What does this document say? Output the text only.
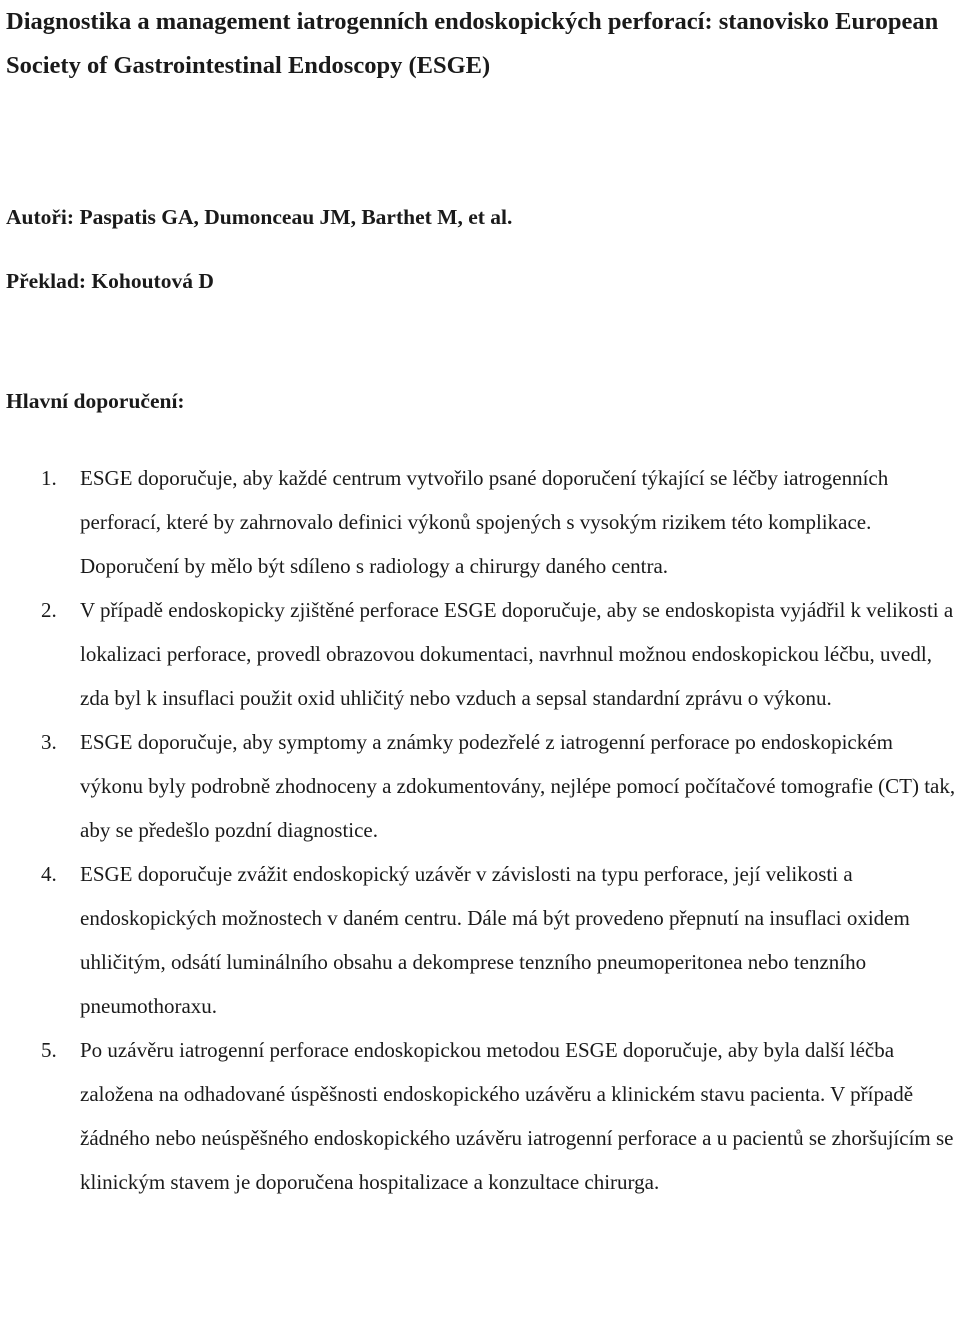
Diagnostika a management iatrogenních endoskopických perforací: stanovisko European Society of Gastrointestinal Endoscopy (ESGE)

Autoři: Paspatis GA, Dumonceau JM, Barthet M, et al.

Překlad: Kohoutová D

Hlavní doporučení:

1. ESGE doporučuje, aby každé centrum vytvořilo psané doporučení týkající se léčby iatrogenních perforací, které by zahrnovalo definici výkonů spojených s vysokým rizikem této komplikace. Doporučení by mělo být sdíleno s radiology a chirurgy daného centra.
2. V případě endoskopicky zjištěné perforace ESGE doporučuje, aby se endoskopista vyjádřil k velikosti a lokalizaci perforace, provedl obrazovou dokumentaci, navrhnul možnou endoskopickou léčbu, uvedl, zda byl k insuflaci použit oxid uhličitý nebo vzduch a sepsal standardní zprávu o výkonu.
3. ESGE doporučuje, aby symptomy a známky podezřelé z iatrogenní perforace po endoskopickém výkonu byly podrobně zhodnoceny a zdokumentovány, nejlépe pomocí počítačové tomografie (CT) tak, aby se předešlo pozdní diagnostice.
4. ESGE doporučuje zvážit endoskopický uzávěr v závislosti na typu perforace, její velikosti a endoskopických možnostech v daném centru. Dále má být provedeno přepnutí na insuflaci oxidem uhličitým, odsátí luminálního obsahu a dekomprese tenzního pneumoperitonea nebo tenzního pneumothoraxu.
5. Po uzávěru iatrogenní perforace endoskopickou metodou ESGE doporučuje, aby byla další léčba založena na odhadované úspěšnosti endoskopického uzávěru a klinickém stavu pacienta. V případě žádného nebo neúspěšného endoskopického uzávěru iatrogenní perforace a u pacientů se zhoršujícím se klinickým stavem je doporučena hospitalizace a konzultace chirurga.
